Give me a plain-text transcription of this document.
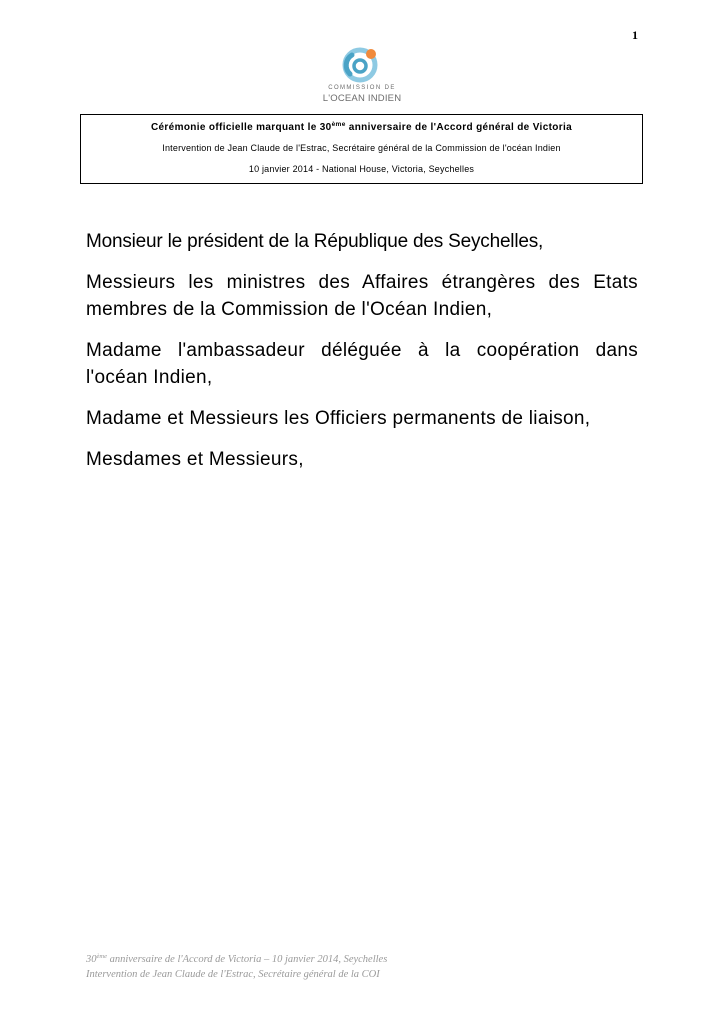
1
COMMISSION DE
L'OCEAN INDIEN
Cérémonie officielle marquant le 30ème anniversaire de l'Accord général de Victoria
Intervention de Jean Claude de l'Estrac, Secrétaire général de la Commission de l'océan Indien
10 janvier 2014 - National House, Victoria, Seychelles

Monsieur le président de la République des Seychelles,

Messieurs les ministres des Affaires étrangères des Etats membres de la Commission de l'Océan Indien,

Madame l'ambassadeur déléguée à la coopération dans l'océan Indien,

Madame et Messieurs les Officiers permanents de liaison,

Mesdames et Messieurs,

30ème anniversaire de l'Accord de Victoria – 10 janvier 2014, Seychelles
Intervention de Jean Claude de l'Estrac, Secrétaire général de la COI
